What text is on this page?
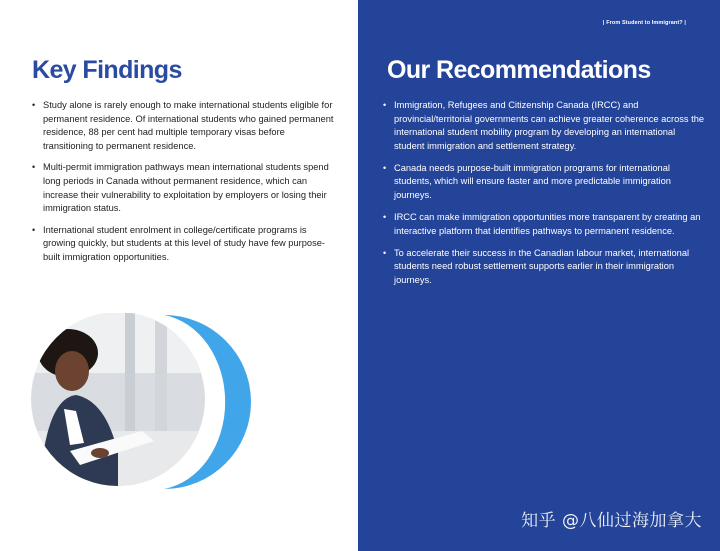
Key Findings
• Study alone is rarely enough to make international students eligible for permanent residence. Of international students who gained permanent residence, 88 per cent had multiple temporary visas before transitioning to permanent residence.
• Multi-permit immigration pathways mean international students spend long periods in Canada without permanent residence, which can increase their vulnerability to exploitation by employers or losing their immigration status.
• International student enrolment in college/certificate programs is growing quickly, but students at this level of study have few purpose-built immigration opportunities.
| From Student to Immigrant? |
Our Recommendations
• Immigration, Refugees and Citizenship Canada (IRCC) and provincial/territorial governments can achieve greater coherence across the international student mobility program by developing an international student immigration and settlement strategy.
• Canada needs purpose-built immigration programs for international students, which will ensure faster and more predictable immigration journeys.
• IRCC can make immigration opportunities more transparent by creating an interactive platform that identifies pathways to permanent residence.
• To accelerate their success in the Canadian labour market, international students need robust settlement supports earlier in their immigration journeys.
知乎 @八仙过海加拿大
